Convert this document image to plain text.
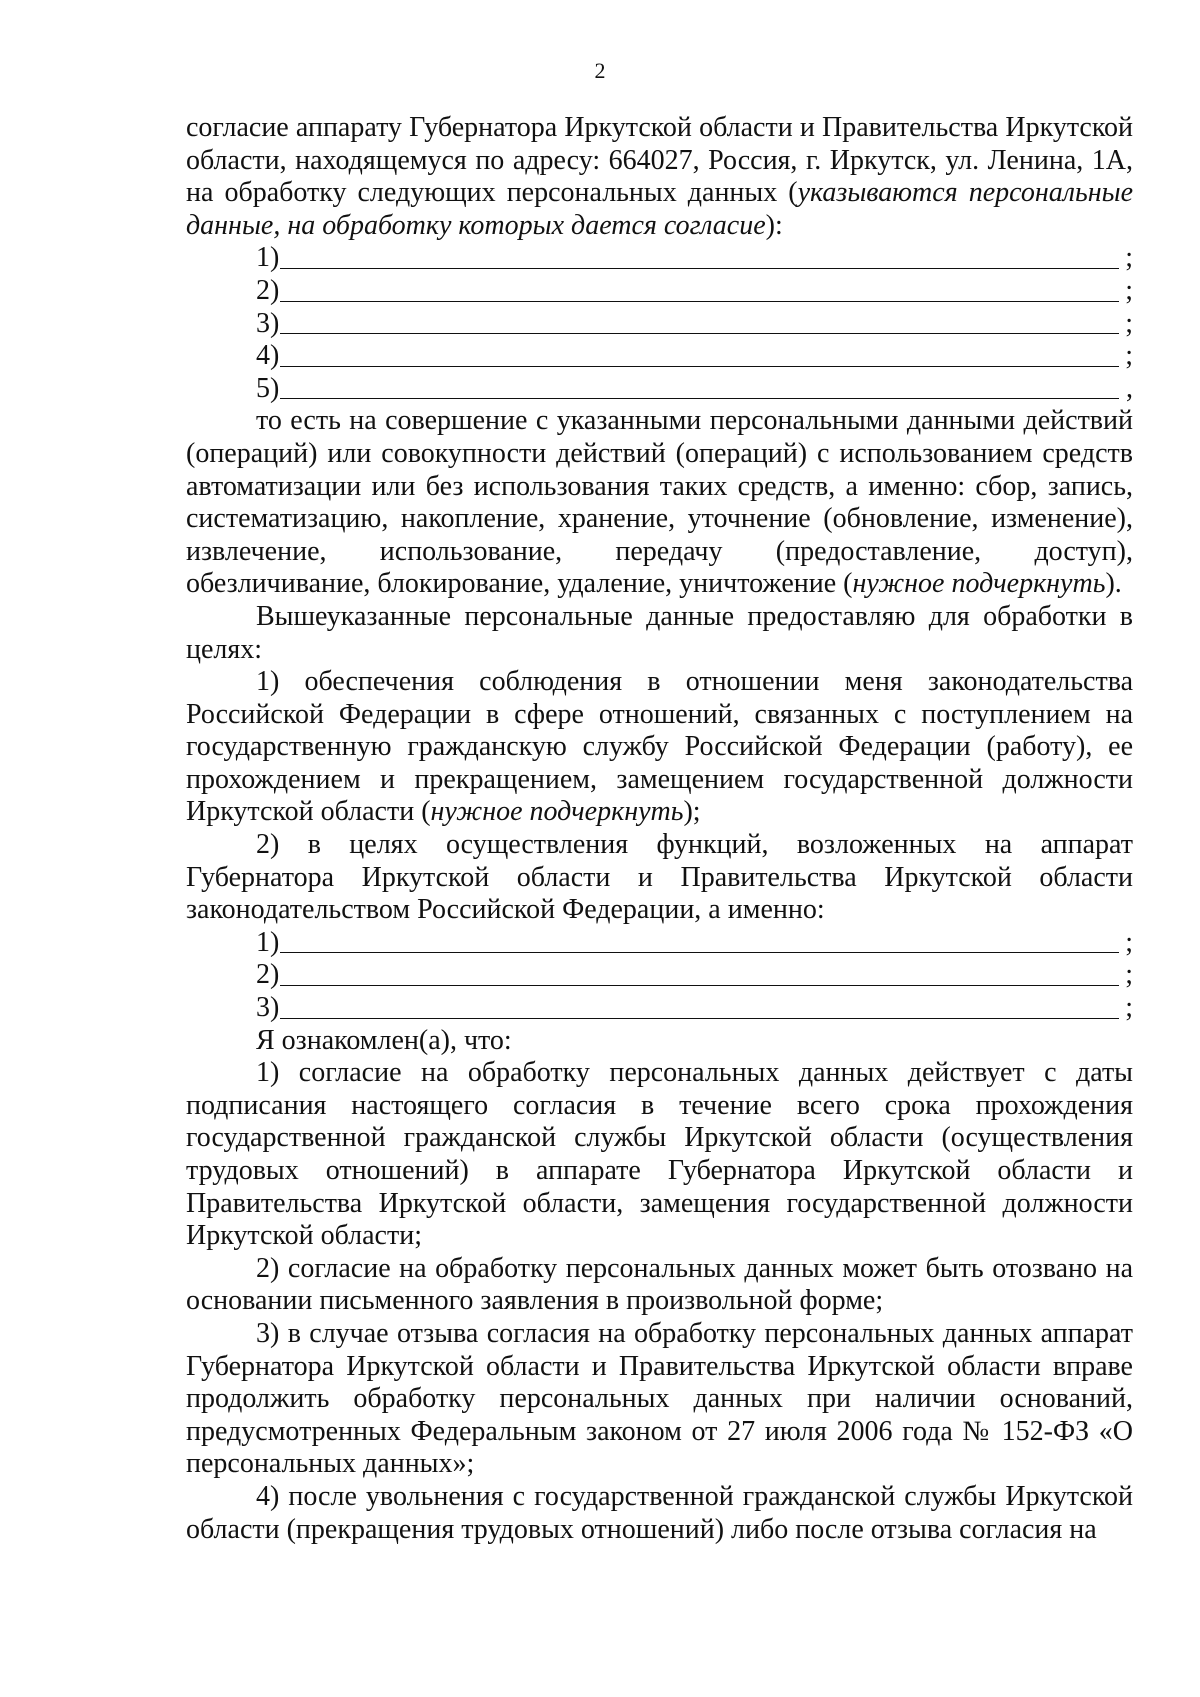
2

согласие аппарату Губернатора Иркутской области и Правительства Иркутской области, находящемуся по адресу: 664027, Россия, г. Иркутск, ул. Ленина, 1А, на обработку следующих персональных данных (указываются персональные данные, на обработку которых дается согласие):

1)	;
2)	;
3)	;
4)	;
5)	,

то есть на совершение с указанными персональными данными действий (операций) или совокупности действий (операций) с использованием средств автоматизации или без использования таких средств, а именно: сбор, запись, систематизацию, накопление, хранение, уточнение (обновление, изменение), извлечение, использование, передачу (предоставление, доступ), обезличивание, блокирование, удаление, уничтожение (нужное подчеркнуть).

Вышеуказанные персональные данные предоставляю для обработки в целях:

1) обеспечения соблюдения в отношении меня законодательства Российской Федерации в сфере отношений, связанных с поступлением на государственную гражданскую службу Российской Федерации (работу), ее прохождением и прекращением, замещением государственной должности Иркутской области (нужное подчеркнуть);

2) в целях осуществления функций, возложенных на аппарат Губернатора Иркутской области и Правительства Иркутской области законодательством Российской Федерации, а именно:

1)	;
2)	;
3)	;

Я ознакомлен(а), что:

1) согласие на обработку персональных данных действует с даты подписания настоящего согласия в течение всего срока прохождения государственной гражданской службы Иркутской области (осуществления трудовых отношений) в аппарате Губернатора Иркутской области и Правительства Иркутской области, замещения государственной должности Иркутской области;

2) согласие на обработку персональных данных может быть отозвано на основании письменного заявления в произвольной форме;

3) в случае отзыва согласия на обработку персональных данных аппарат Губернатора Иркутской области и Правительства Иркутской области вправе продолжить обработку персональных данных при наличии оснований, предусмотренных Федеральным законом от 27 июля 2006 года № 152-ФЗ «О персональных данных»;

4) после увольнения с государственной гражданской службы Иркутской области (прекращения трудовых отношений) либо после отзыва согласия на
